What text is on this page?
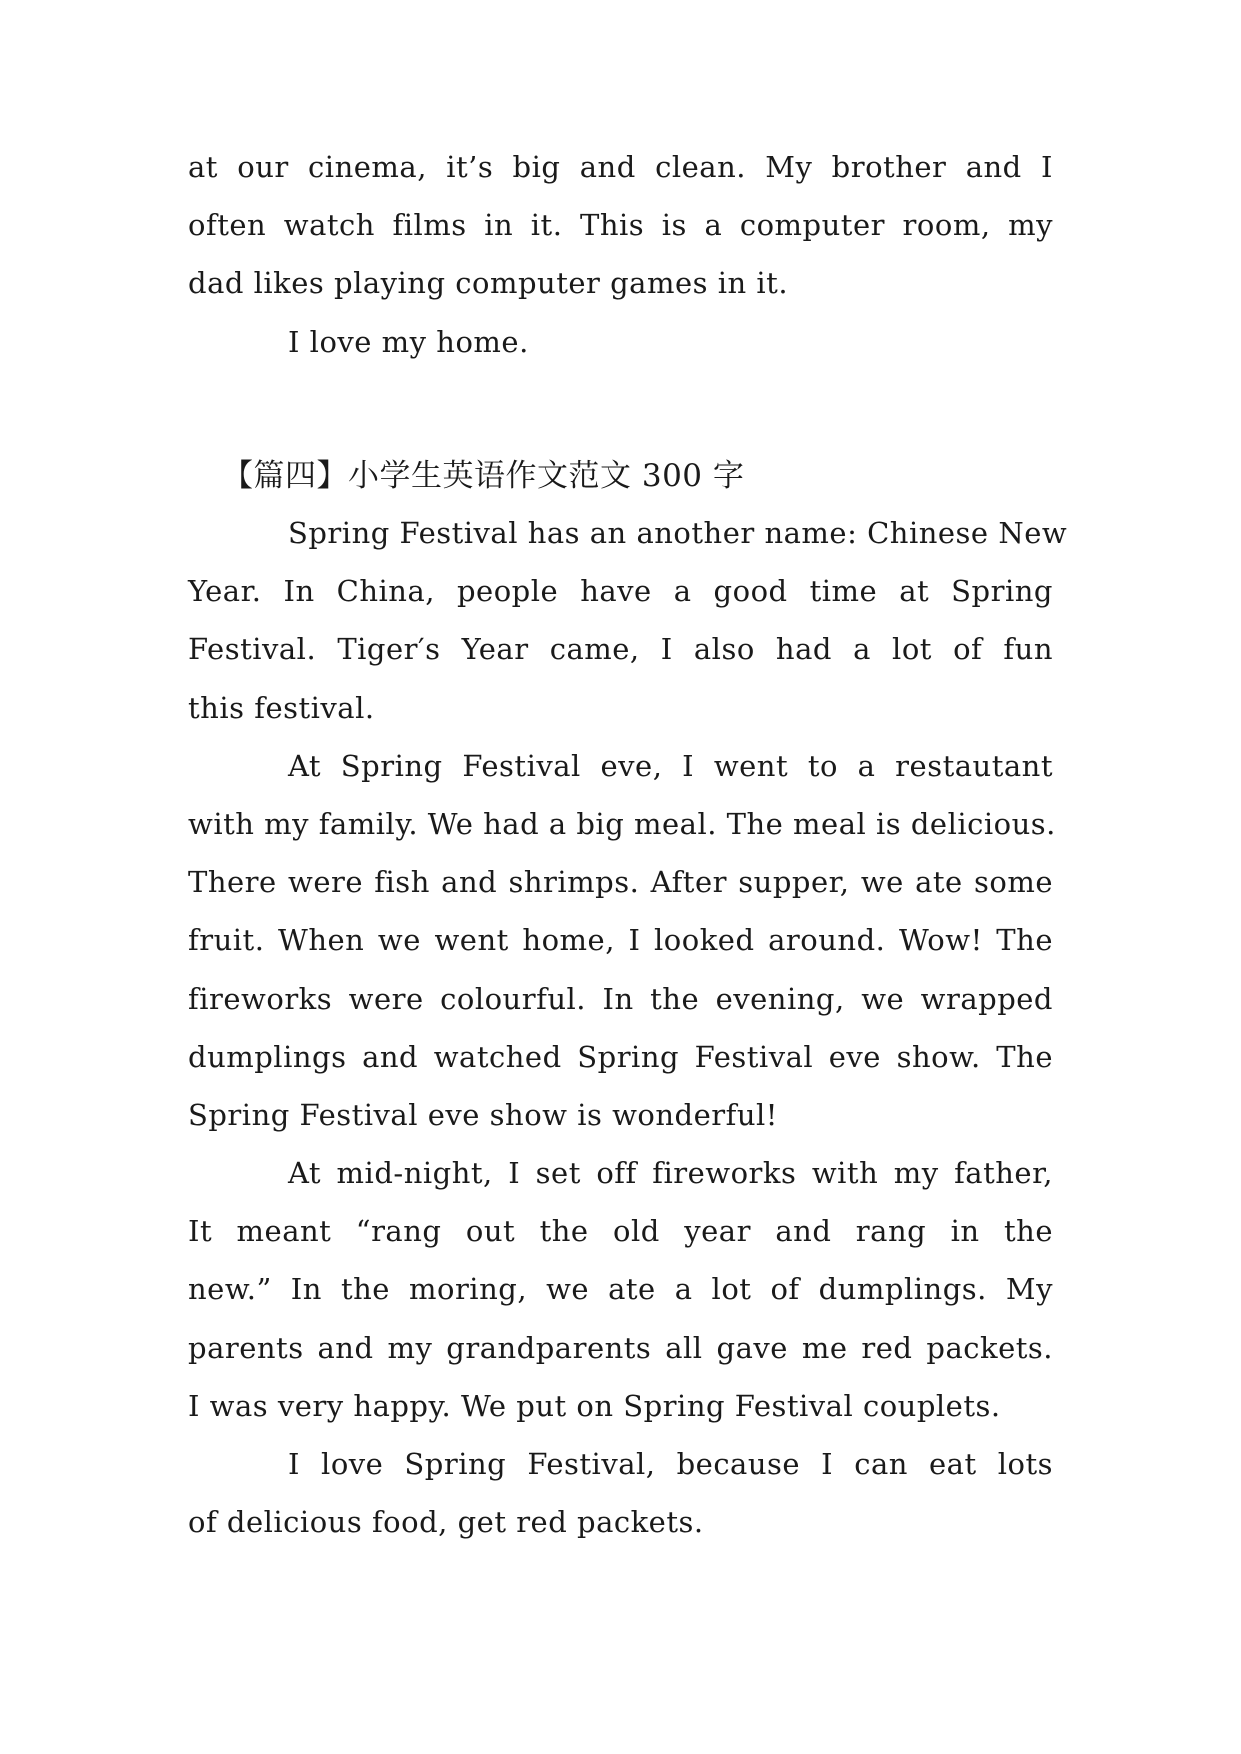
at our cinema, it’s big and clean. My brother and I
often watch films in it. This is a computer room, my
dad likes playing computer games in it.
I love my home.
【篇四】小学生英语作文范文 300 字
Spring Festival has an another name: Chinese New
Year. In China, people have a good time at Spring
Festival. Tiger′s Year came, I also had a lot of fun
this festival.
At Spring Festival eve, I went to a restautant
with my family. We had a big meal. The meal is delicious.
There were fish and shrimps. After supper, we ate some
fruit. When we went home, I looked around. Wow! The
fireworks were colourful. In the evening, we wrapped
dumplings and watched Spring Festival eve show. The
Spring Festival eve show is wonderful!
At mid-night, I set off fireworks with my father,
It meant “rang out the old year and rang in the
new.” In the moring, we ate a lot of dumplings. My
parents and my grandparents all gave me red packets.
I was very happy. We put on Spring Festival couplets.
I love Spring Festival, because I can eat lots
of delicious food, get red packets.
